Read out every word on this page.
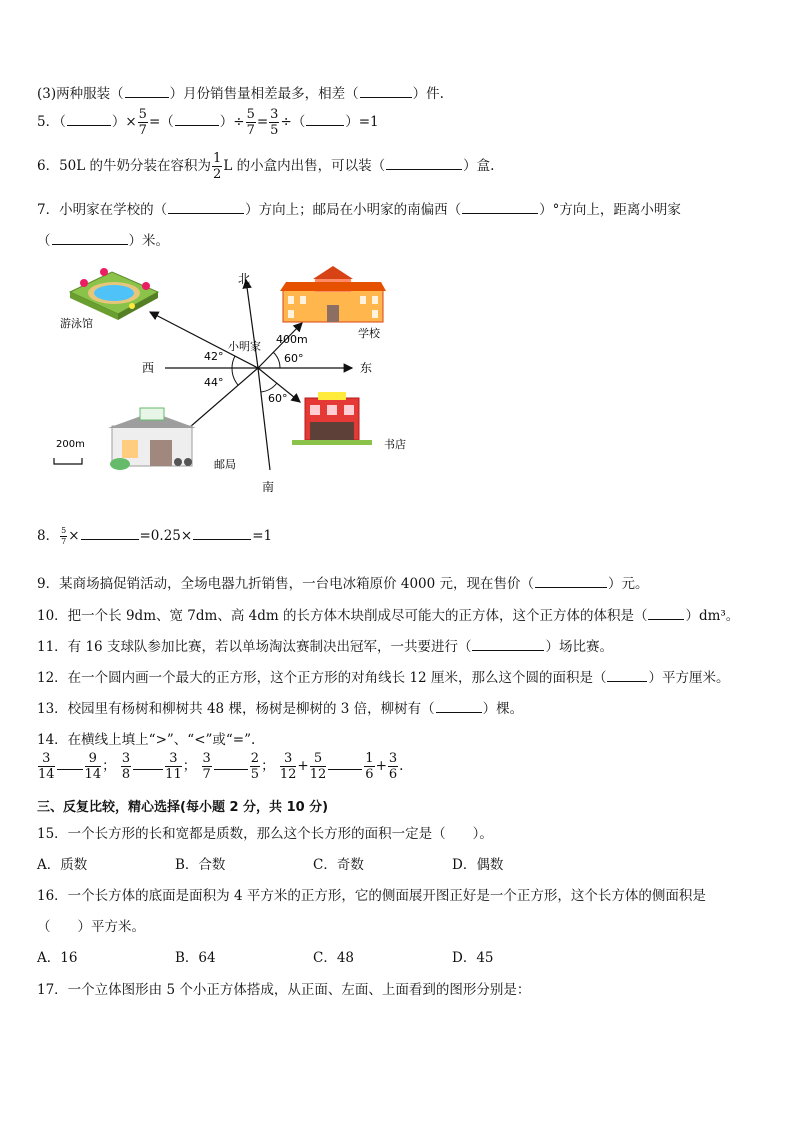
(3)两种服装（	）月份销售量相差最多，相差（	）件.
5．（	）× $\frac{5}{7}$ =（	）÷ $\frac{5}{7} = \frac{3}{5}$ ÷（	）=1
6．50L 的牛奶分装在容积为 $\frac{1}{2}$ L 的小盒内出售，可以装（	）盒.
7．小明家在学校的（	）方向上；邮局在小明家的南偏西（	）°方向上，距离小明家
（	）米。
北
南
东
西
小明家
42°
44°
60°
60°
400m
游泳馆
学校
邮局
书店
200m
8． $\frac{5}{7}$ ×	=0.25×	=1
9．某商场搞促销活动，全场电器九折销售，一台电冰箱原价 4000 元，现在售价（	）元。
10．把一个长 9dm、宽 7dm、高 4dm 的长方体木块削成尽可能大的正方体，这个正方体的体积是（	）dm³。
11．有 16 支球队参加比赛，若以单场淘汰赛制决出冠军，一共要进行（	）场比赛。
12．在一个圆内画一个最大的正方形，这个正方形的对角线长 12 厘米，那么这个圆的面积是（	）平方厘米。
13．校园里有杨树和柳树共 48 棵，杨树是柳树的 3 倍，柳树有（	）棵。
14．在横线上填上“>”、“<”或“=”.
$\frac{3}{14} \frac{9}{14}$ ； $\frac{3}{8}$	$\frac{3}{11}$ ； $\frac{3}{7}$	$\frac{2}{5}$ ； $\frac{3}{12} + \frac{5}{12}$	$\frac{1}{6} + \frac{3}{6}$ .
三、反复比较，精心选择(每小题 2 分，共 10 分)
15．一个长方形的长和宽都是质数，那么这个长方形的面积一定是（　　）。
A．质数	B．合数	C．奇数	D．偶数
16．一个长方体的底面是面积为 4 平方米的正方形，它的侧面展开图正好是一个正方形，这个长方体的侧面积是
（　　）平方米。
A．16	B．64	C．48	D．45
17．一个立体图形由 5 个小正方体搭成，从正面、左面、上面看到的图形分别是：
